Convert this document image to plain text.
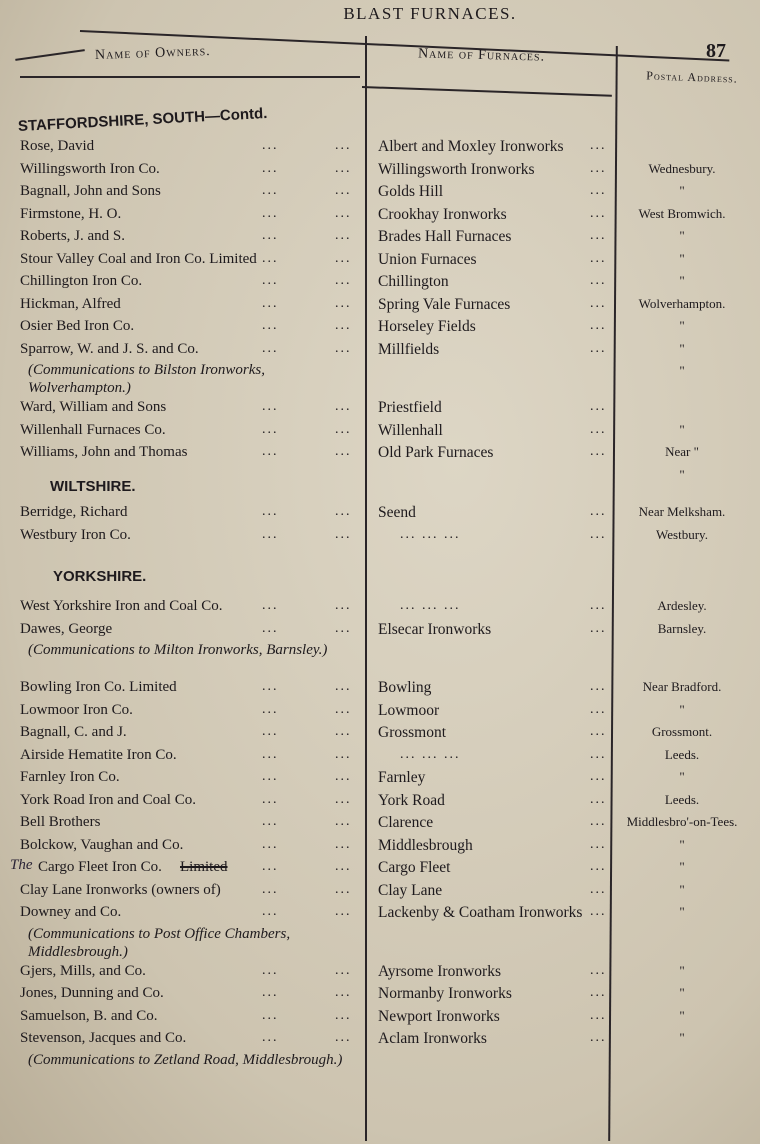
BLAST FURNACES.
87
Name of Owners.	Name of Furnaces.
Postal Address.
STAFFORDSHIRE, SOUTH—Contd.
Rose, David	...	... Albert and Moxley Ironworks ...
Willingsworth Iron Co.	...	... Willingsworth Ironworks	...	Wednesbury.
Bagnall, John and Sons	...	... Golds Hill	...	"
Firmstone, H. O.	...	... Crookhay Ironworks	...	West Bromwich.
Roberts, J. and S.	...	... Brades Hall Furnaces	...	"
Stour Valley Coal and Iron Co. Limited ...	... Union Furnaces	...	"
Chillington Iron Co.	...	... Chillington	...	"
Hickman, Alfred	...	... Spring Vale Furnaces	...	Wolverhampton.
Osier Bed Iron Co.	...	... Horseley Fields	...	"
Sparrow, W. and J. S. and Co.	...	... Millfields	...	"
(Communications to Bilston Ironworks, Wolverhampton.)
"
Ward, William and Sons	...	... Priestfield	...
Willenhall Furnaces Co.	...	... Willenhall	...	"
Williams, John and Thomas	...	... Old Park Furnaces	...	Near "
"
WILTSHIRE.
Berridge, Richard	...	... Seend	...	Near Melksham.
Westbury Iron Co.	...	...	... ... ...	...	Westbury.
YORKSHIRE.
West Yorkshire Iron and Coal Co.	...	...	... ... ...	...	Ardesley.
Dawes, George	...	... Elsecar Ironworks	...	Barnsley.
(Communications to Milton Ironworks, Barnsley.)
Bowling Iron Co. Limited	...	... Bowling	...	Near Bradford.
Lowmoor Iron Co.	...	... Lowmoor	...	"
Bagnall, C. and J.	...	... Grossmont	...	Grossmont.
Airside Hematite Iron Co.	...	...	... ... ...	...	Leeds.
Farnley Iron Co.	...	... Farnley	...	"
York Road Iron and Coal Co.	...	... York Road	...	Leeds.
Bell Brothers	...	... Clarence	...	Middlesbro'-on-Tees.
Bolckow, Vaughan and Co.	...	... Middlesbrough	...	"
The Cargo Fleet Iron Co. Limited ...	... Cargo Fleet	...	"
Clay Lane Ironworks (owners of)	...	... Clay Lane	...	"
Downey and Co.	...	... Lackenby & Coatham Ironworks ...	"
(Communications to Post Office Chambers, Middlesbrough.)
Gjers, Mills, and Co.	...	... Ayrsome Ironworks	...	"
Jones, Dunning and Co.	...	... Normanby Ironworks	...	"
Samuelson, B. and Co.	...	... Newport Ironworks	...	"
Stevenson, Jacques and Co.	...	... Aclam Ironworks	...	"
(Communications to Zetland Road, Middlesbrough.)
